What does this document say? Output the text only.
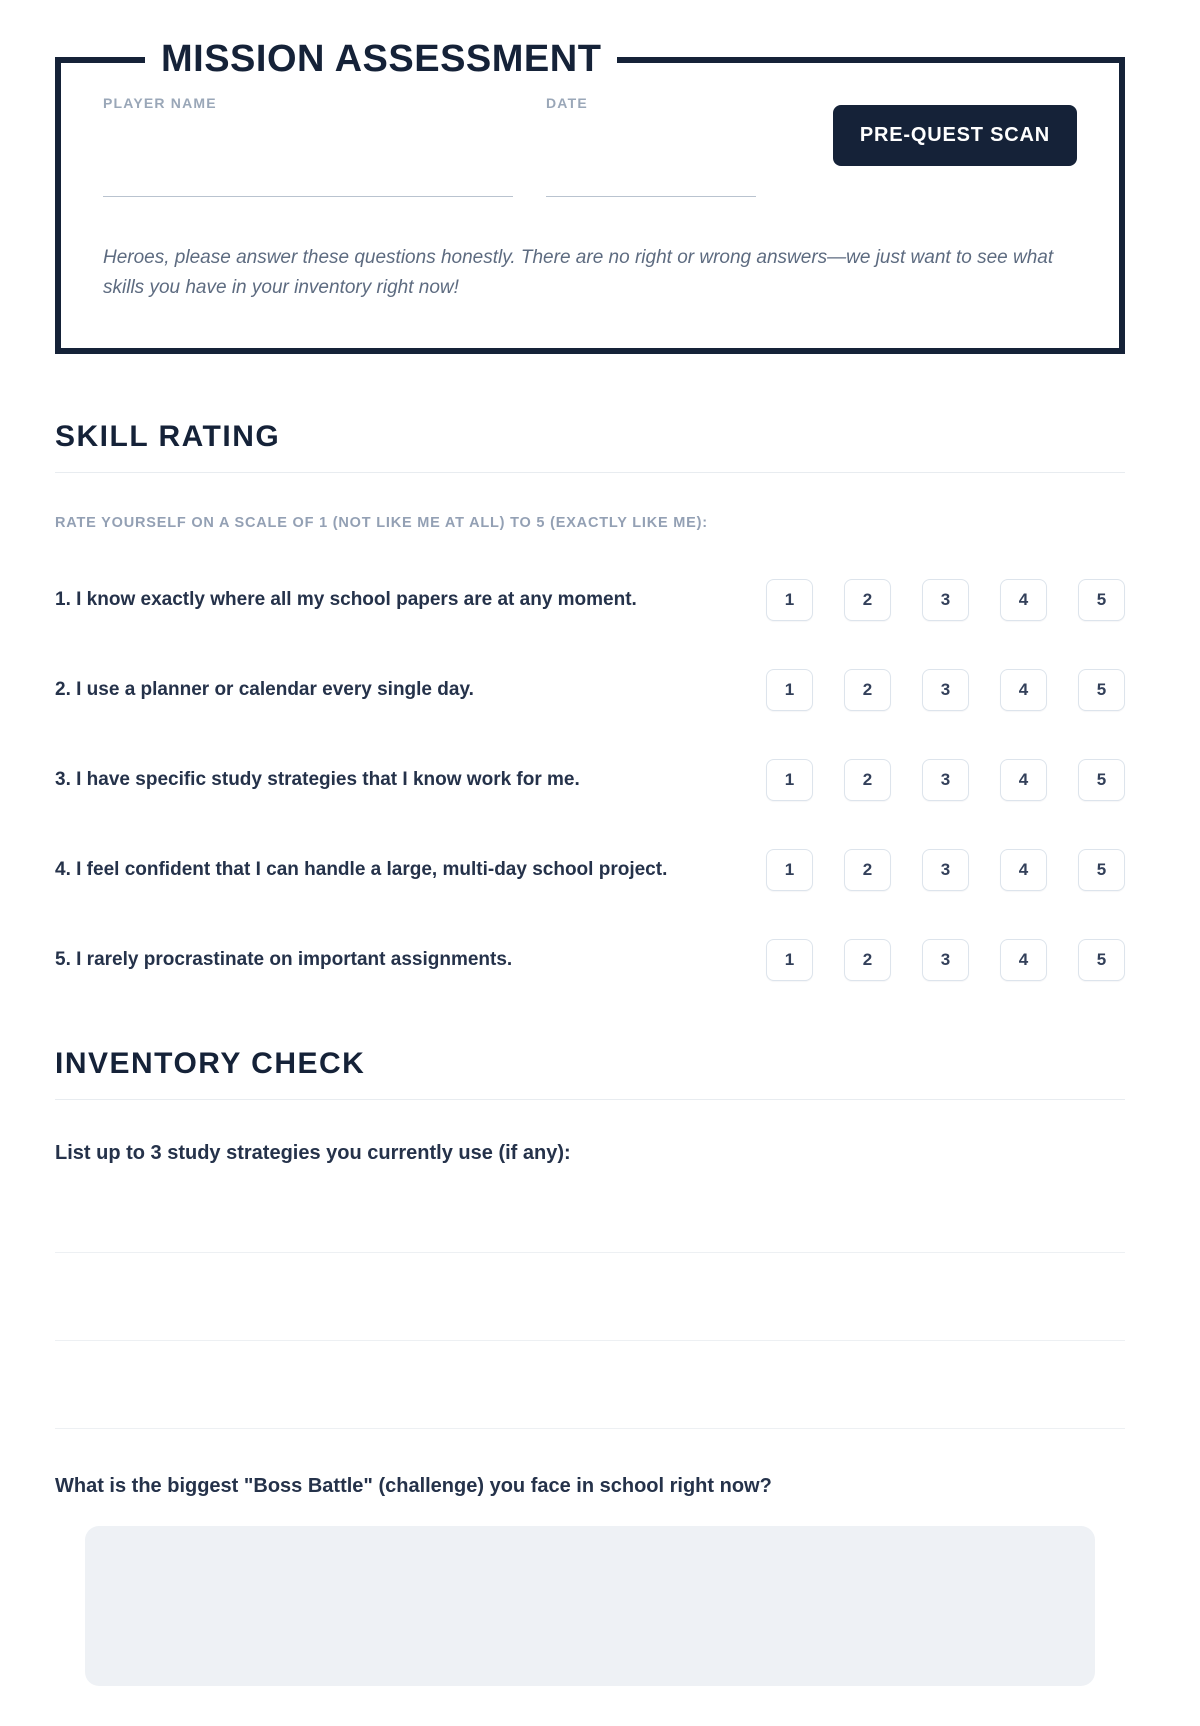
MISSION ASSESSMENT
PLAYER NAME	DATE
PRE-QUEST SCAN

Heroes, please answer these questions honestly. There are no right or wrong answers—we just want to see what skills you have in your inventory right now!

SKILL RATING

RATE YOURSELF ON A SCALE OF 1 (NOT LIKE ME AT ALL) TO 5 (EXACTLY LIKE ME):

1. I know exactly where all my school papers are at any moment.	1	2	3	4	5
2. I use a planner or calendar every single day.	1	2	3	4	5
3. I have specific study strategies that I know work for me.	1	2	3	4	5
4. I feel confident that I can handle a large, multi-day school project.	1	2	3	4	5
5. I rarely procrastinate on important assignments.	1	2	3	4	5
INVENTORY CHECK

List up to 3 study strategies you currently use (if any):

What is the biggest "Boss Battle" (challenge) you face in school right now?
